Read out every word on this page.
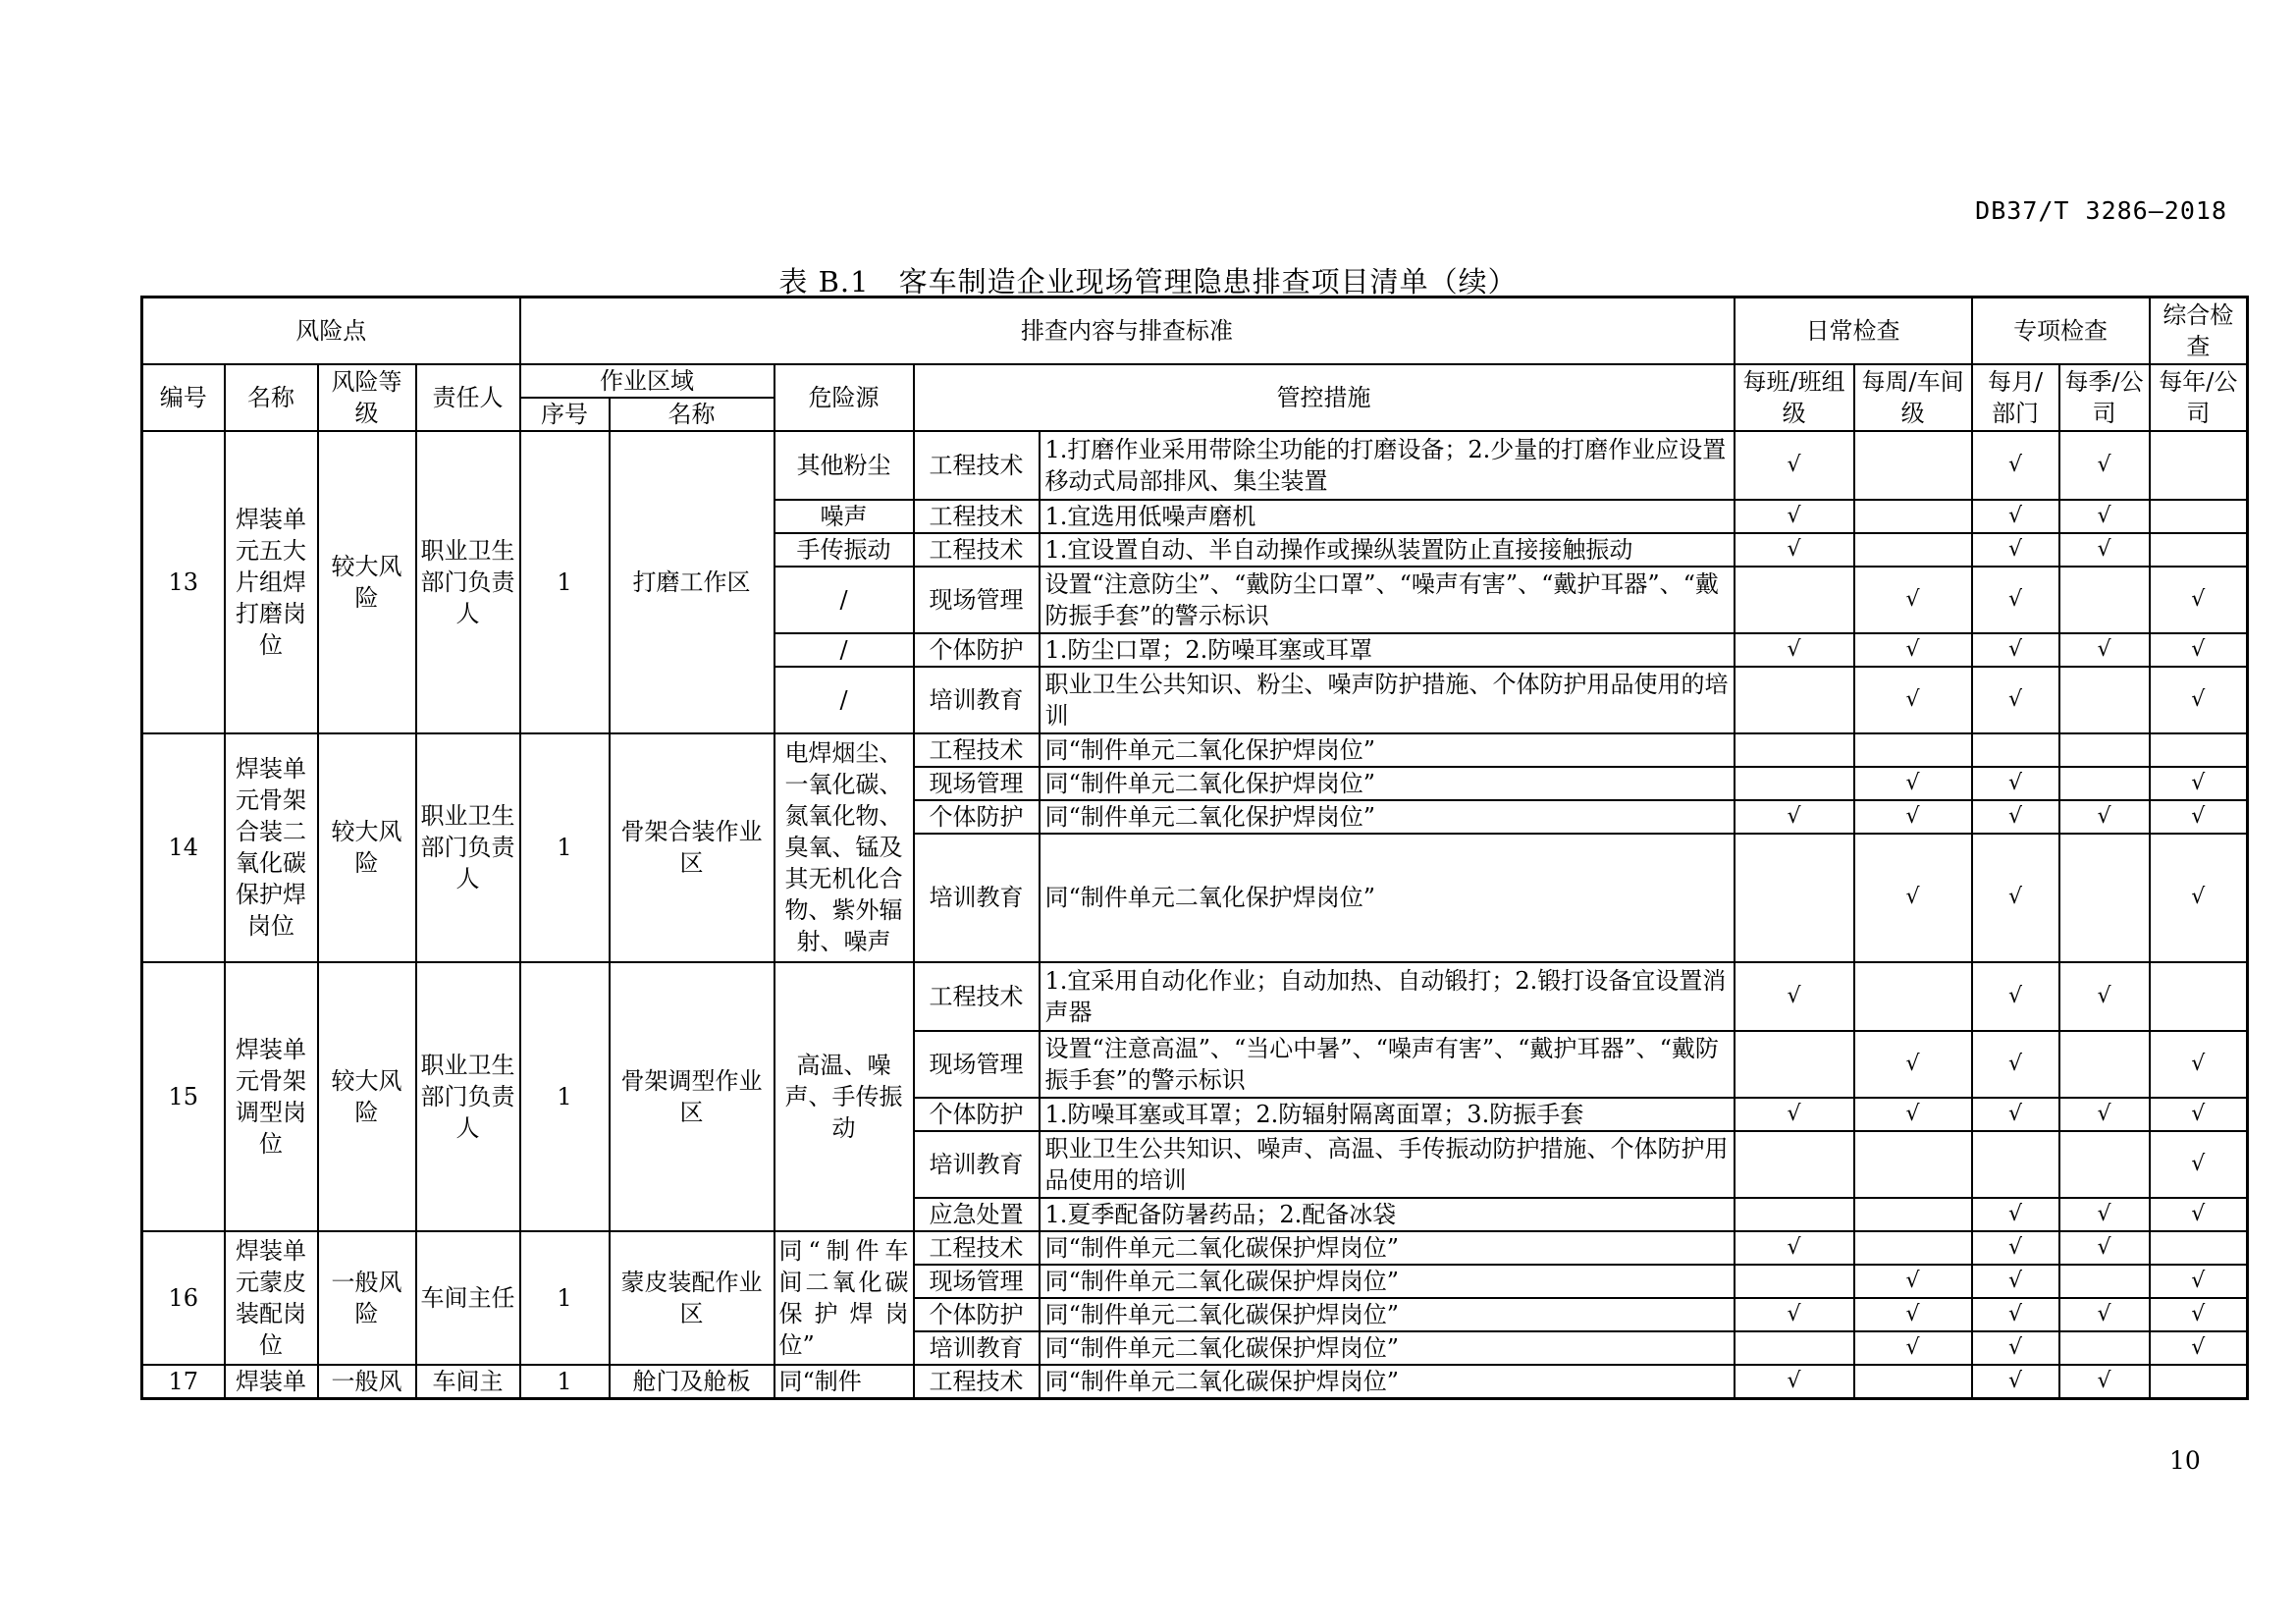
DB37/T 3286—2018
表 B.1　客车制造企业现场管理隐患排查项目清单（续）
10
风险点				排查内容与排查标准					日常检查		专项检查		综合检查
编号	名称	风险等级	责任人	作业区域		危险源	管控措施		每班/班组级	每周/车间级	每月/部门	每季/公司	每年/公司
				序号	名称								
13	焊装单元五大片组焊打磨岗位	较大风险	职业卫生部门负责人	1	打磨工作区	其他粉尘	工程技术	1.打磨作业采用带除尘功能的打磨设备；2.少量的打磨作业应设置移动式局部排风、集尘装置	√		√	√	
						噪声	工程技术	1.宜选用低噪声磨机	√		√	√	
						手传振动	工程技术	1.宜设置自动、半自动操作或操纵装置防止直接接触振动	√		√	√	
						/	现场管理	设置“注意防尘”、“戴防尘口罩”、“噪声有害”、“戴护耳器”、“戴防振手套”的警示标识		√	√		√
						/	个体防护	1.防尘口罩；2.防噪耳塞或耳罩	√	√	√	√	√
						/	培训教育	职业卫生公共知识、粉尘、噪声防护措施、个体防护用品使用的培训		√	√		√
14	焊装单元骨架合装二氧化碳保护焊岗位	较大风险	职业卫生部门负责人	1	骨架合装作业区	电焊烟尘、一氧化碳、氮氧化物、臭氧、锰及其无机化合物、紫外辐射、噪声	工程技术	同“制件单元二氧化保护焊岗位”					
							现场管理	同“制件单元二氧化保护焊岗位”		√	√		√
							个体防护	同“制件单元二氧化保护焊岗位”	√	√	√	√	√
							培训教育	同“制件单元二氧化保护焊岗位”		√	√		√
15	焊装单元骨架调型岗位	较大风险	职业卫生部门负责人	1	骨架调型作业区	高温、噪声、手传振动	工程技术	1.宜采用自动化作业；自动加热、自动锻打；2.锻打设备宜设置消声器	√		√	√	
							现场管理	设置“注意高温”、“当心中暑”、“噪声有害”、“戴护耳器”、“戴防振手套”的警示标识		√	√		√
							个体防护	1.防噪耳塞或耳罩；2.防辐射隔离面罩；3.防振手套	√	√	√	√	√
							培训教育	职业卫生公共知识、噪声、高温、手传振动防护措施、个体防护用品使用的培训					√
							应急处置	1.夏季配备防暑药品；2.配备冰袋			√	√	√
16	焊装单元蒙皮装配岗位	一般风险	车间主任	1	蒙皮装配作业区	同“制件车间二氧化碳保护焊岗位”	工程技术	同“制件单元二氧化碳保护焊岗位”	√		√	√	
							现场管理	同“制件单元二氧化碳保护焊岗位”		√	√		√
							个体防护	同“制件单元二氧化碳保护焊岗位”	√	√	√	√	√
							培训教育	同“制件单元二氧化碳保护焊岗位”		√	√		√
17	焊装单	一般风	车间主	1	舱门及舱板	同“制件	工程技术	同“制件单元二氧化碳保护焊岗位”	√		√	√	
